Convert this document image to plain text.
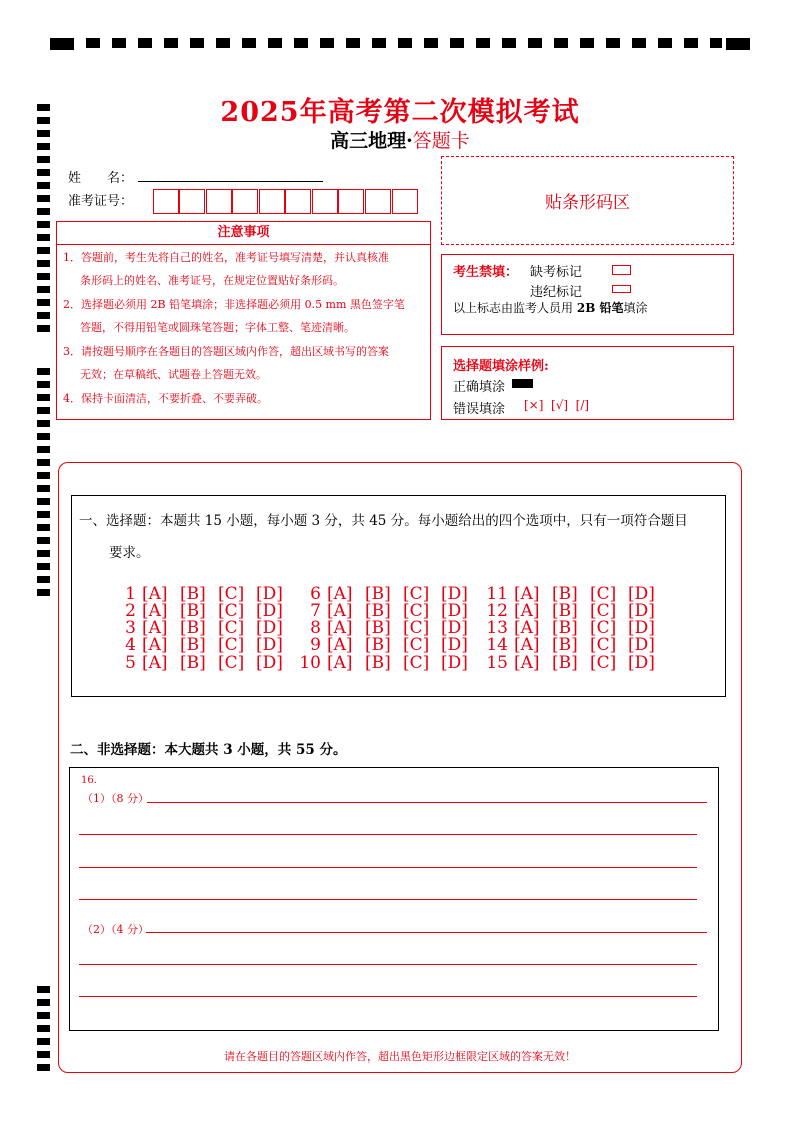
2025年高考第二次模拟考试
高三地理·答题卡
姓　　名：
准考证号：	贴条形码区
注意事项
1．答题前，考生先将自己的姓名，准考证号填写清楚，并认真核准
条形码上的姓名、准考证号，在规定位置贴好条形码。
2．选择题必须用 2B 铅笔填涂；非选择题必须用 0.5 mm 黑色签字笔
答题，不得用铅笔或圆珠笔答题；字体工整、笔迹清晰。
3．请按题号顺序在各题目的答题区域内作答，超出区域书写的答案
无效；在草稿纸、试题卷上答题无效。
4．保持卡面清洁，不要折叠、不要弄破。
考生禁填： 缺考标记
违纪标记
以上标志由监考人员用 2B 铅笔填涂
选择题填涂样例:
正确填涂
错误填涂 [×]  [√]  [/]
一、选择题：本题共 15 小题，每小题 3 分，共 45 分。每小题给出的四个选项中，只有一项符合题目
要求。
1 [A] [B] [C] [D]
2 [A] [B] [C] [D]
3 [A] [B] [C] [D]
4 [A] [B] [C] [D]
5 [A] [B] [C] [D]
6 [A] [B] [C] [D]
7 [A] [B] [C] [D]
8 [A] [B] [C] [D]
9 [A] [B] [C] [D]
10 [A] [B] [C] [D]
11 [A] [B] [C] [D]
12 [A] [B] [C] [D]
13 [A] [B] [C] [D]
14 [A] [B] [C] [D]
15 [A] [B] [C] [D]
二、非选择题：本大题共 3 小题，共 55 分。
16.
（1）（8 分）
（2）（4 分）
请在各题目的答题区域内作答，超出黑色矩形边框限定区域的答案无效！
